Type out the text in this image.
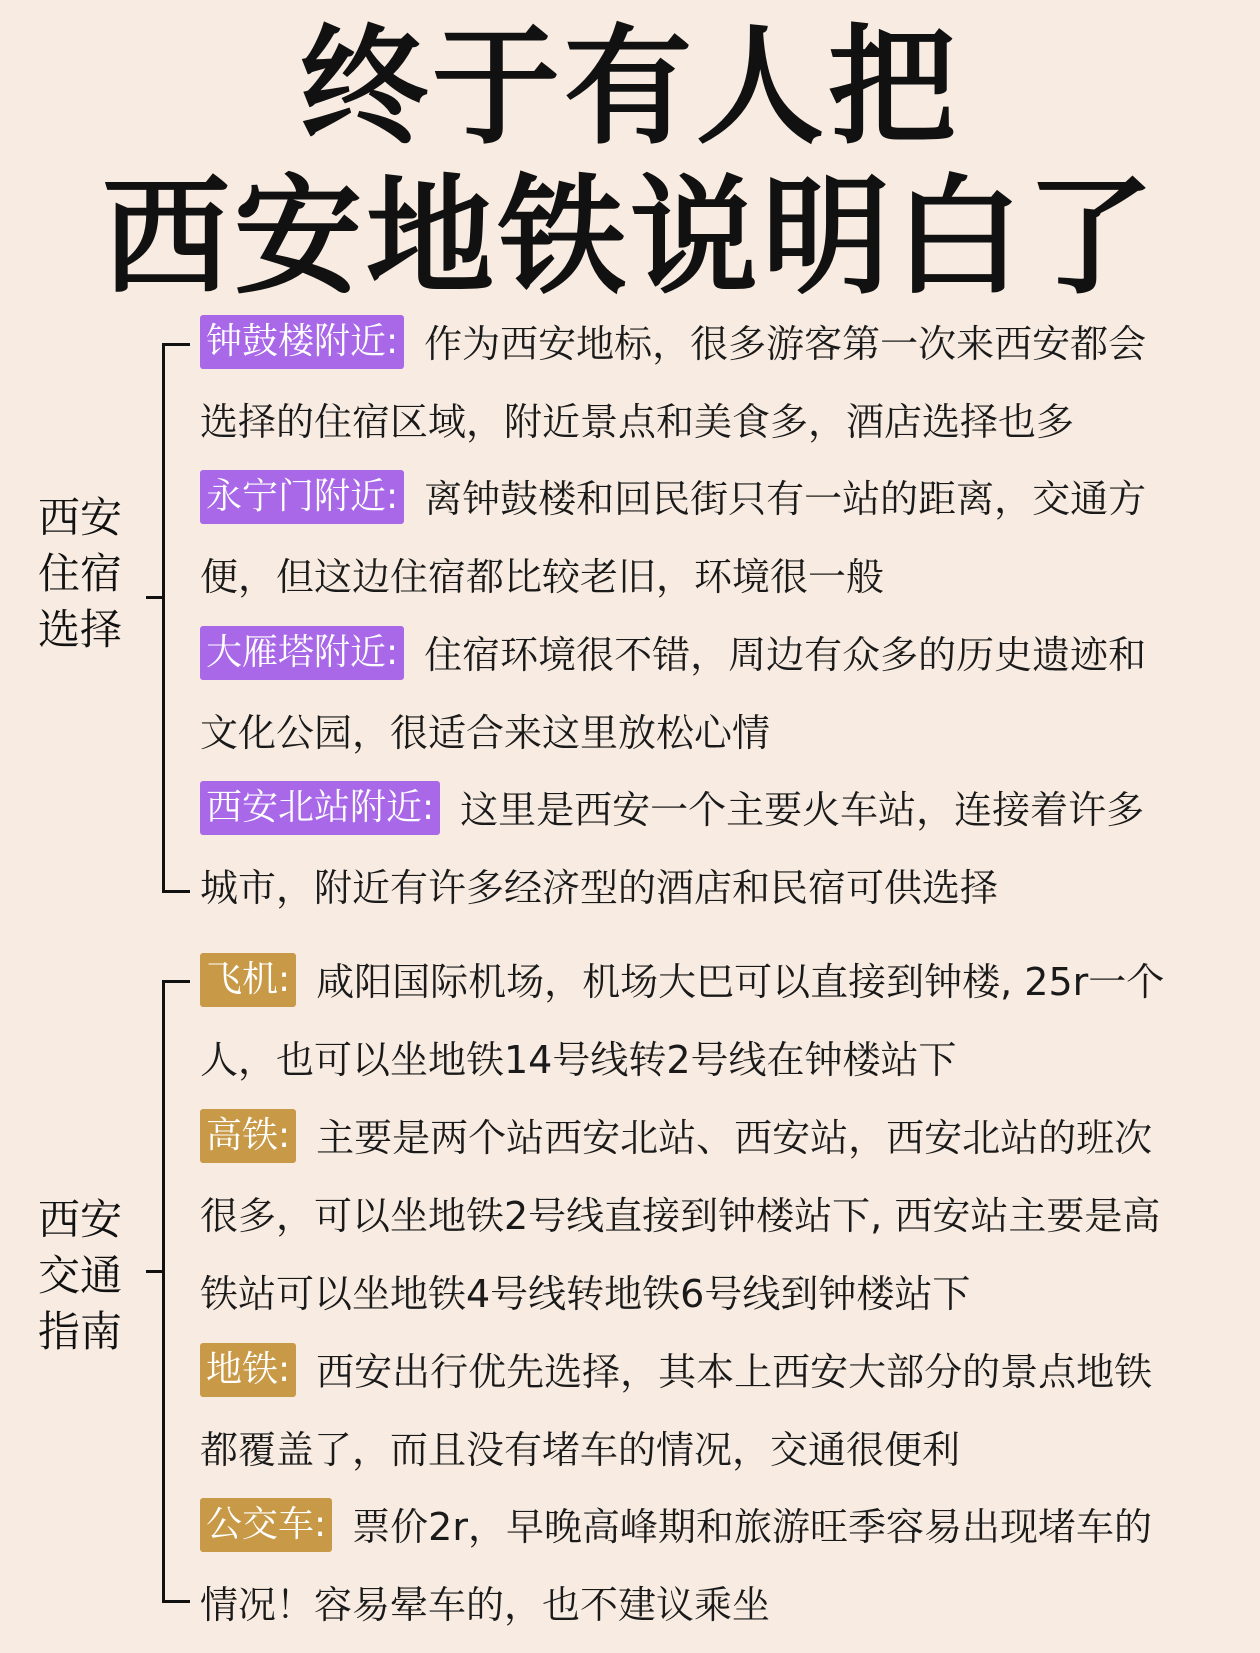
终于有人把
西安地铁说明白了
西安
住宿
选择
钟鼓楼附近: 作为西安地标，很多游客第一次来西安都会
选择的住宿区域，附近景点和美食多，酒店选择也多
永宁门附近: 离钟鼓楼和回民街只有一站的距离，交通方
便，但这边住宿都比较老旧，环境很一般
大雁塔附近: 住宿环境很不错，周边有众多的历史遗迹和
文化公园，很适合来这里放松心情
西安北站附近: 这里是西安一个主要火车站，连接着许多
城市，附近有许多经济型的酒店和民宿可供选择
西安
交通
指南
飞机: 咸阳国际机场，机场大巴可以直接到钟楼, 25r一个
人，也可以坐地铁14号线转2号线在钟楼站下
高铁: 主要是两个站西安北站、西安站，西安北站的班次
很多，可以坐地铁2号线直接到钟楼站下, 西安站主要是高
铁站可以坐地铁4号线转地铁6号线到钟楼站下
地铁: 西安出行优先选择，其本上西安大部分的景点地铁
都覆盖了，而且没有堵车的情况，交通很便利
公交车: 票价2r，早晚高峰期和旅游旺季容易出现堵车的
情况！容易晕车的，也不建议乘坐
